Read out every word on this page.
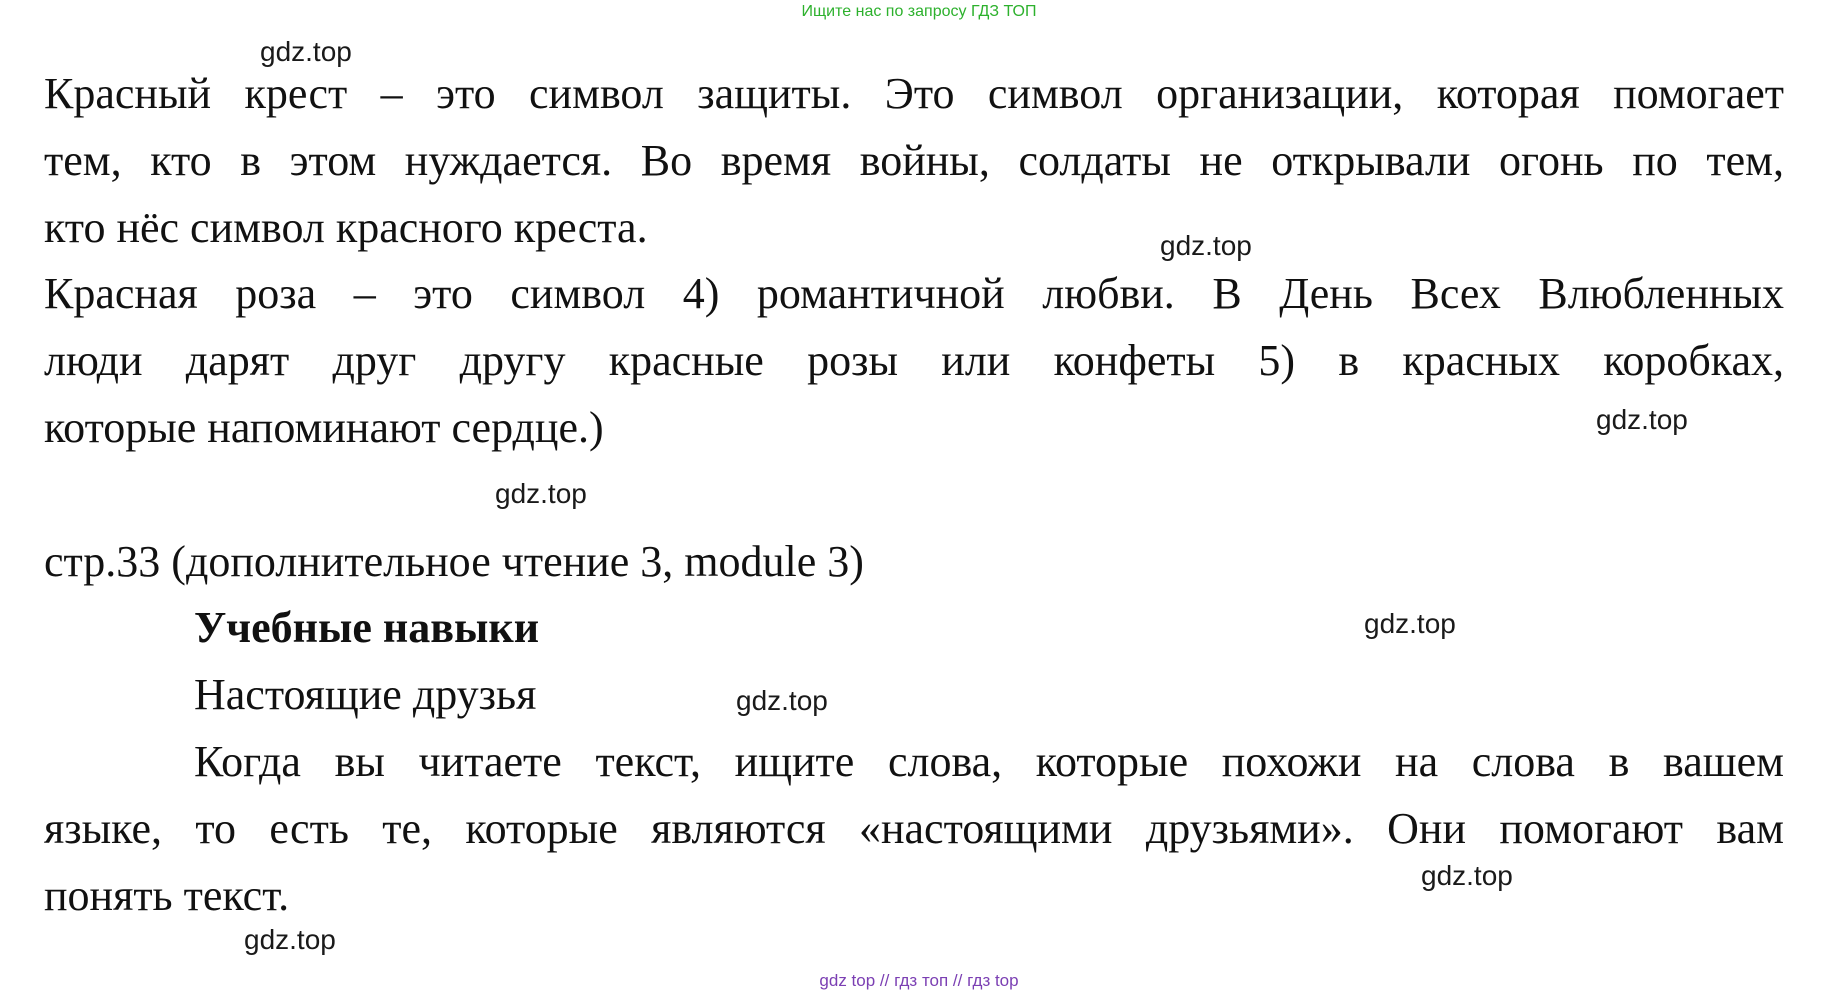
Ищите нас по запросу ГДЗ ТОП
Красный крест – это символ защиты. Это символ организации, которая помогает
тем, кто в этом нуждается. Во время войны, солдаты не открывали огонь по тем,
кто нёс символ красного креста.
Красная роза – это символ 4) романтичной любви. В День Всех Влюбленных
люди дарят друг другу красные розы или конфеты 5) в красных коробках,
которые напоминают сердце.)
стр.33 (дополнительное чтение 3, module 3)
Учебные навыки
Настоящие друзья
Когда вы читаете текст, ищите слова, которые похожи на слова в вашем
языке, то есть те, которые являются «настоящими друзьями». Они помогают вам
понять текст.
gdz.top
gdz.top
gdz.top
gdz.top
gdz.top
gdz.top
gdz.top
gdz.top
gdz top // гдз топ // гдз top
